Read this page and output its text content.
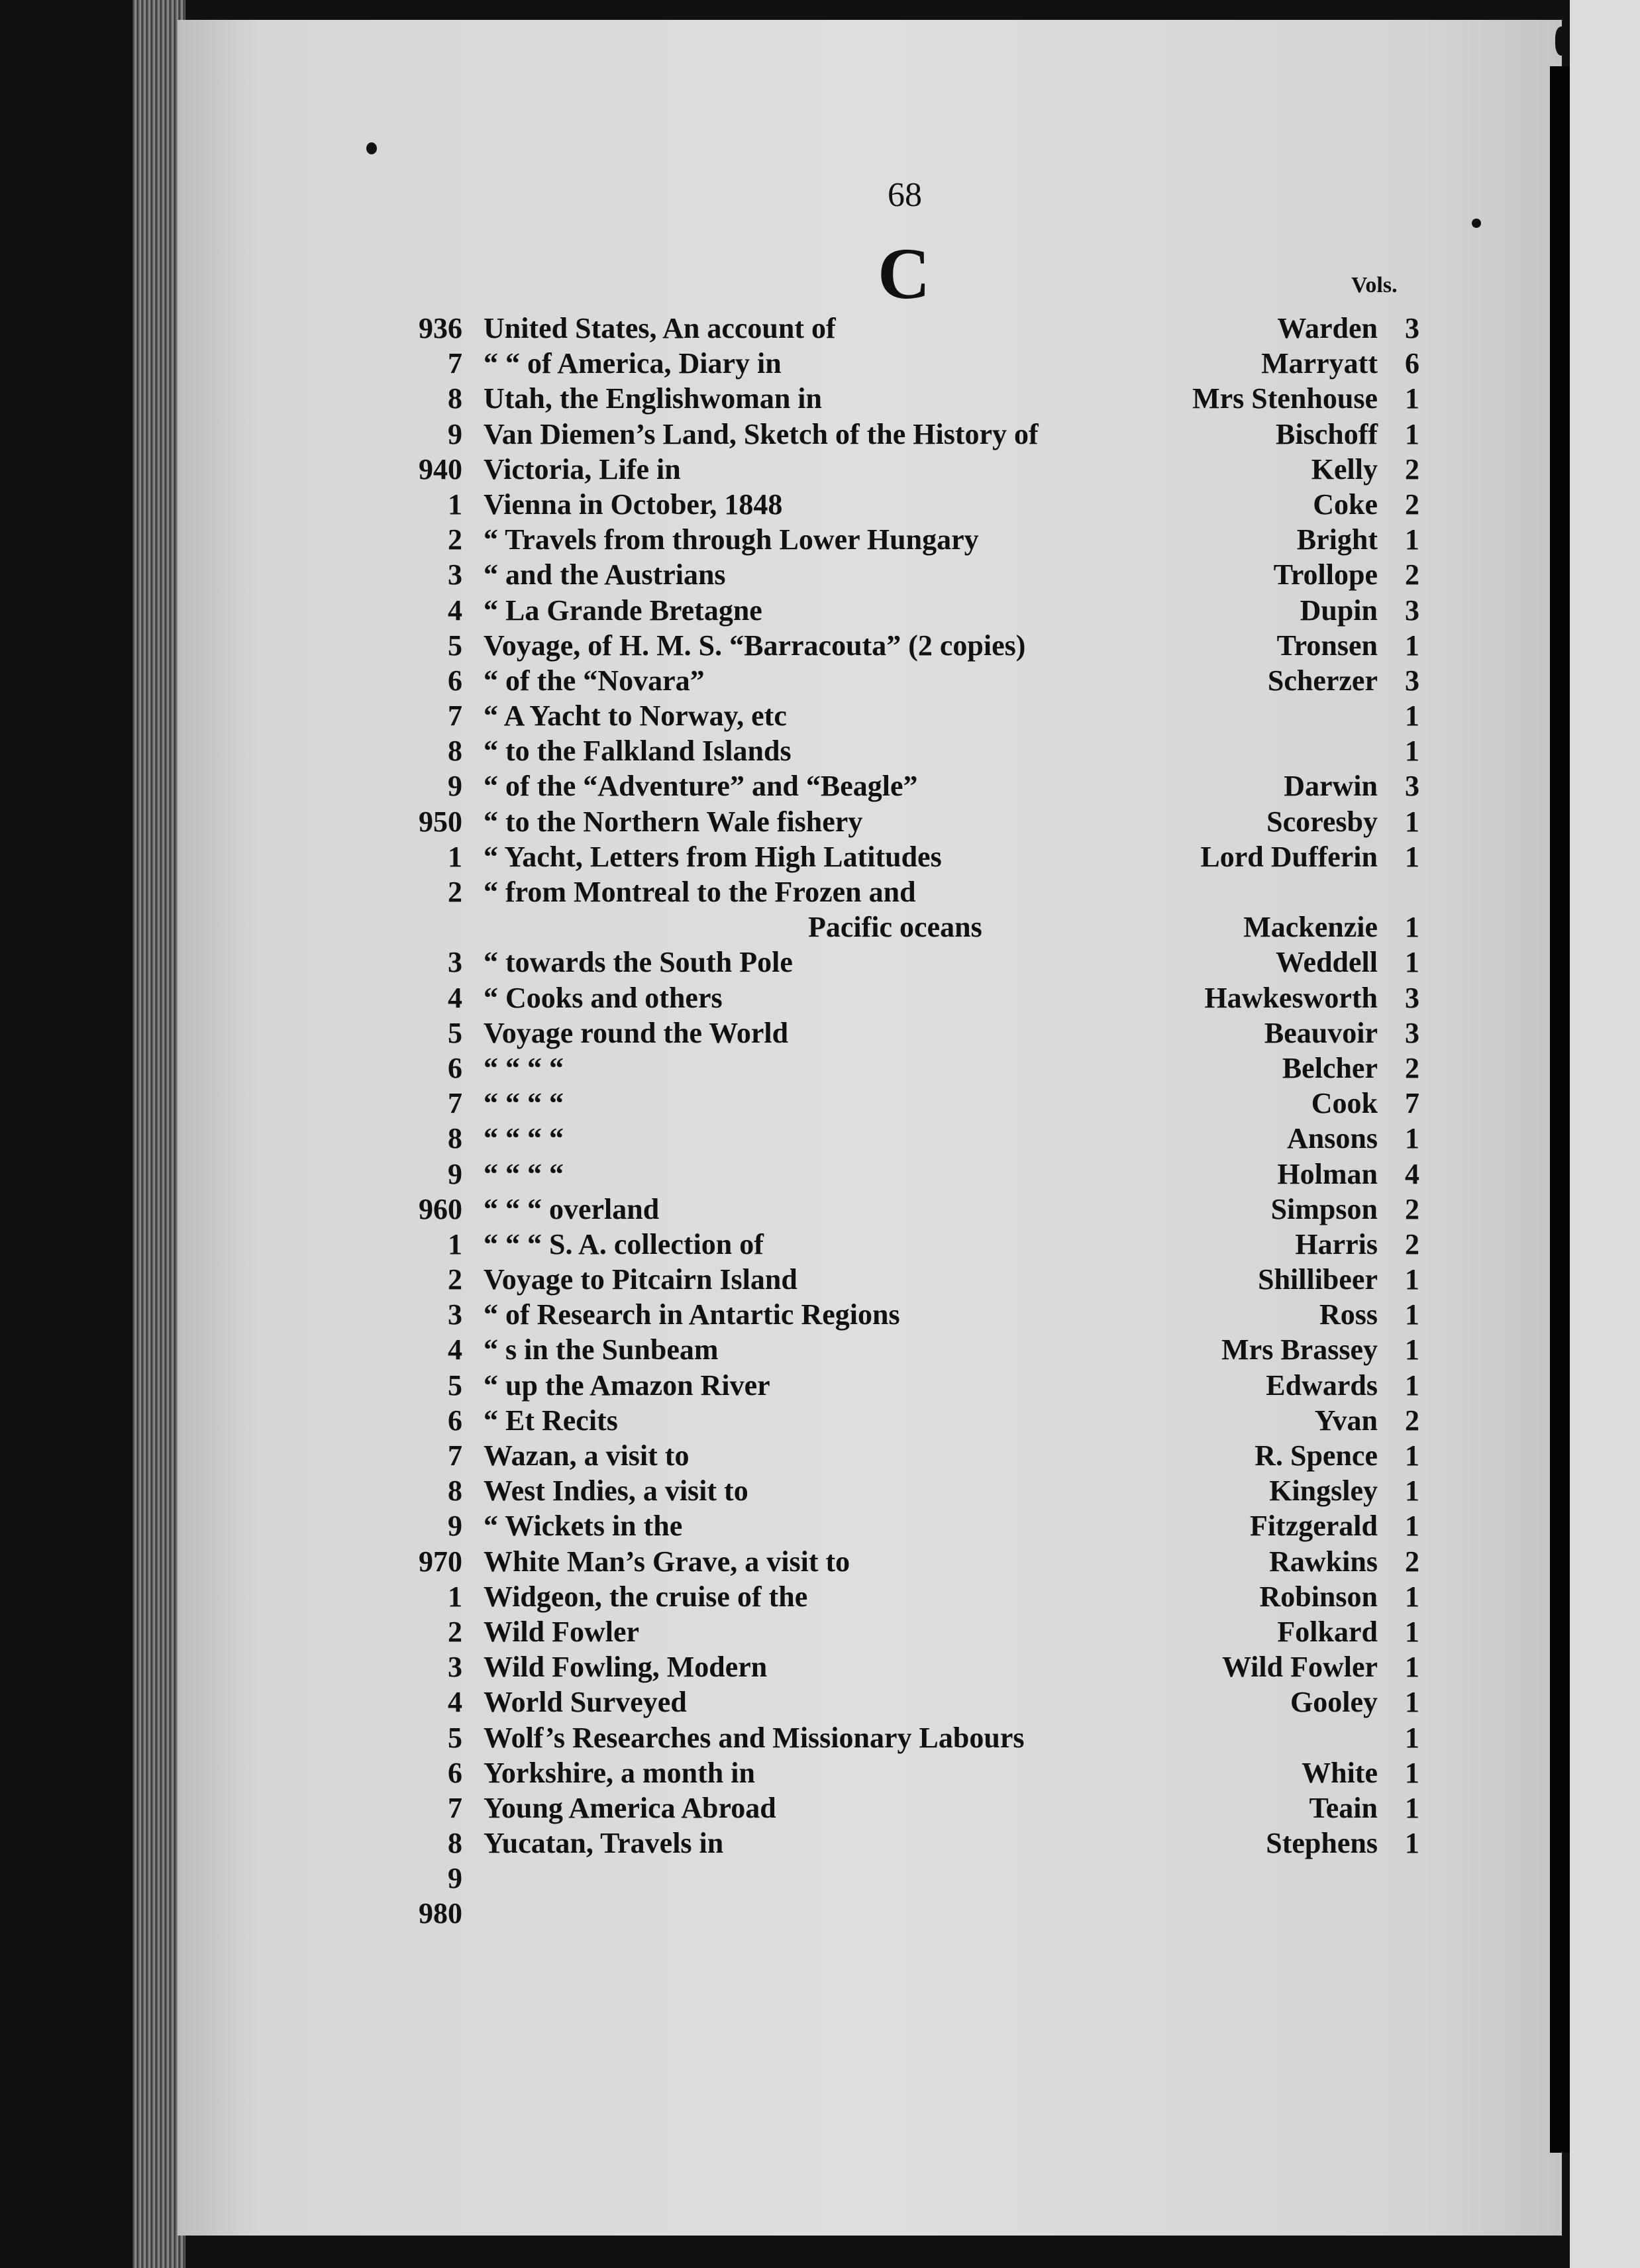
68
C	Vols.
936 United States, An account of	Warden 3
7 “ “ of America, Diary in	Marryatt 6
8 Utah, the Englishwoman in	Mrs Stenhouse 1
9 Van Diemen’s Land, Sketch of the History of	Bischoff 1
940 Victoria, Life in	Kelly 2
1 Vienna in October, 1848	Coke 2
2 “ Travels from through Lower Hungary	Bright 1
3 “ and the Austrians	Trollope 2
4 “ La Grande Bretagne	Dupin 3
5 Voyage, of H. M. S. “Barracouta” (2 copies)	Tronsen 1
6 “ of the “Novara”	Scherzer 3
7 “ A Yacht to Norway, etc	1
8 “ to the Falkland Islands	1
9 “ of the “Adventure” and “Beagle”	Darwin 3
950 “ to the Northern Wale fishery	Scoresby 1
1 “ Yacht, Letters from High Latitudes	Lord Dufferin 1
2 “ from Montreal to the Frozen and
Pacific oceans	Mackenzie 1
3 “ towards the South Pole	Weddell 1
4 “ Cooks and others	Hawkesworth 3
5 Voyage round the World	Beauvoir 3
6 “ “ “ “	Belcher 2
7 “ “ “ “	Cook 7
8 “ “ “ “	Ansons 1
9 “ “ “ “	Holman 4
960 “ “ “ overland	Simpson 2
1 “ “ “ S. A. collection of	Harris 2
2 Voyage to Pitcairn Island	Shillibeer 1
3 “ of Research in Antartic Regions	Ross 1
4 “ s in the Sunbeam	Mrs Brassey 1
5 “ up the Amazon River	Edwards 1
6 “ Et Recits	Yvan 2
7 Wazan, a visit to	R. Spence 1
8 West Indies, a visit to	Kingsley 1
9 “ Wickets in the	Fitzgerald 1
970 White Man’s Grave, a visit to	Rawkins 2
1 Widgeon, the cruise of the	Robinson 1
2 Wild Fowler	Folkard 1
3 Wild Fowling, Modern	Wild Fowler 1
4 World Surveyed	Gooley 1
5 Wolf’s Researches and Missionary Labours	1
6 Yorkshire, a month in	White 1
7 Young America Abroad	Teain 1
8 Yucatan, Travels in	Stephens 1
9
980
